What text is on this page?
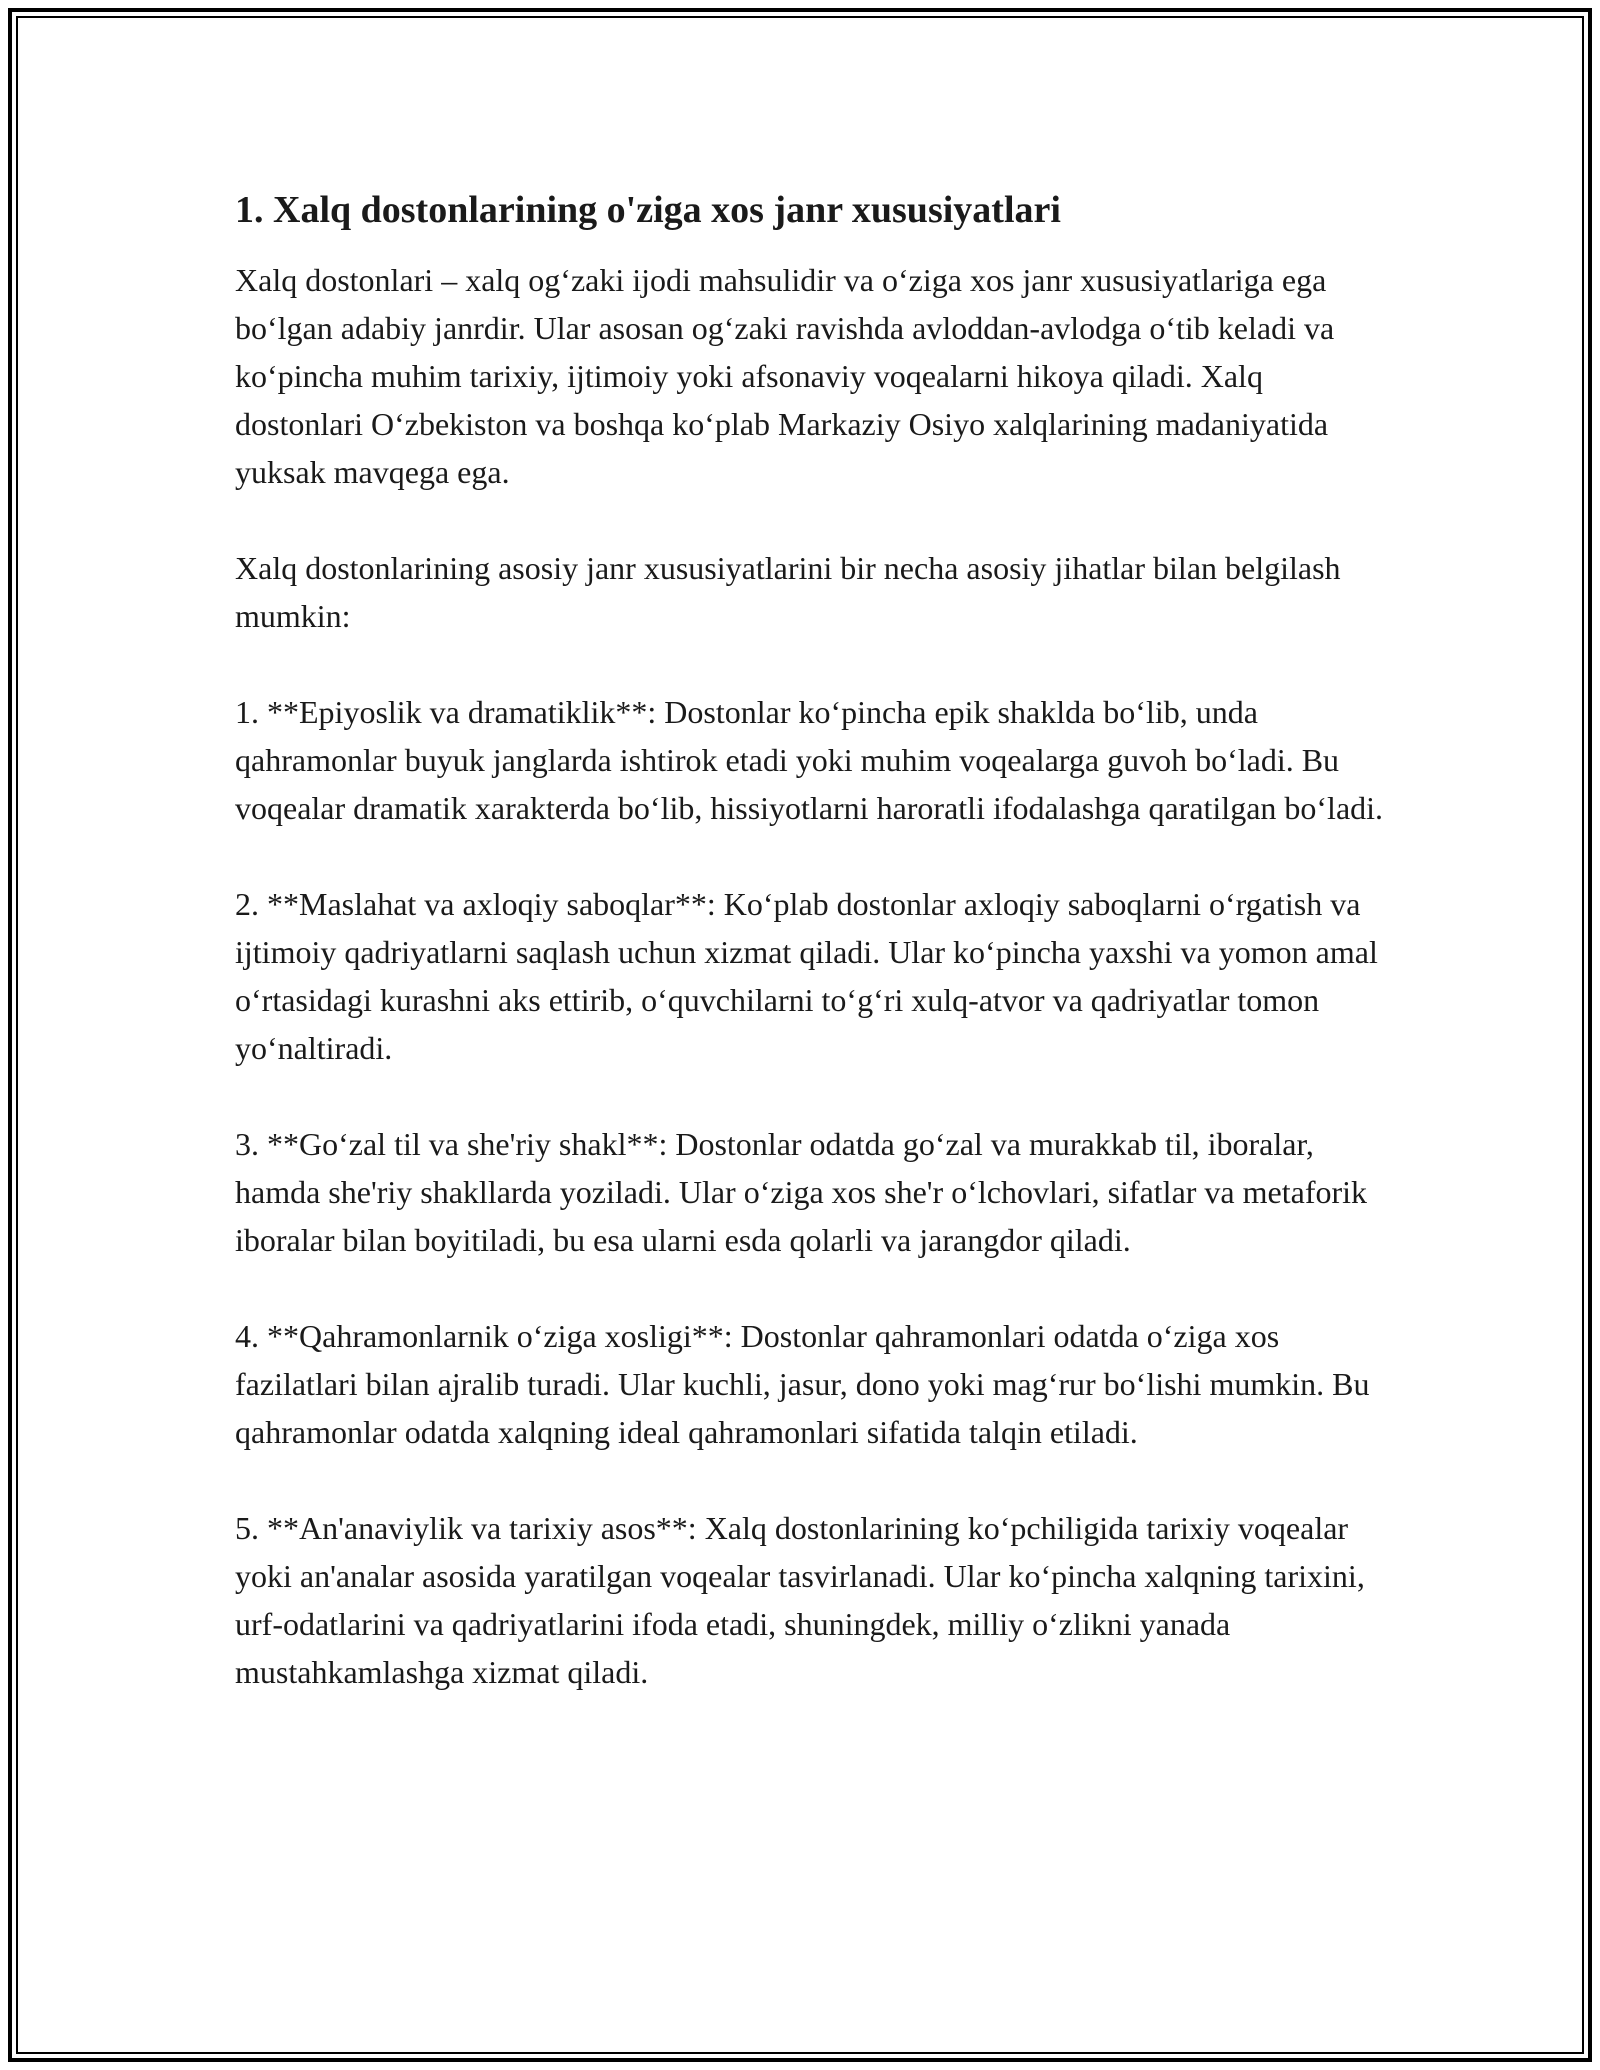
1. Xalq dostonlarining o'ziga xos janr xususiyatlari

Xalq dostonlari – xalq og‘zaki ijodi mahsulidir va o‘ziga xos janr xususiyatlariga ega bo‘lgan adabiy janrdir. Ular asosan og‘zaki ravishda avloddan-avlodga o‘tib keladi va ko‘pincha muhim tarixiy, ijtimoiy yoki afsonaviy voqealarni hikoya qiladi. Xalq dostonlari O‘zbekiston va boshqa ko‘plab Markaziy Osiyo xalqlarining madaniyatida yuksak mavqega ega.

Xalq dostonlarining asosiy janr xususiyatlarini bir necha asosiy jihatlar bilan belgilash mumkin:

1. **Epiyoslik va dramatiklik**: Dostonlar ko‘pincha epik shaklda bo‘lib, unda qahramonlar buyuk janglarda ishtirok etadi yoki muhim voqealarga guvoh bo‘ladi. Bu voqealar dramatik xarakterda bo‘lib, hissiyotlarni haroratli ifodalashga qaratilgan bo‘ladi.

2. **Maslahat va axloqiy saboqlar**: Ko‘plab dostonlar axloqiy saboqlarni o‘rgatish va ijtimoiy qadriyatlarni saqlash uchun xizmat qiladi. Ular ko‘pincha yaxshi va yomon amal o‘rtasidagi kurashni aks ettirib, o‘quvchilarni to‘g‘ri xulq-atvor va qadriyatlar tomon yo‘naltiradi.

3. **Go‘zal til va she'riy shakl**: Dostonlar odatda go‘zal va murakkab til, iboralar, hamda she'riy shakllarda yoziladi. Ular o‘ziga xos she'r o‘lchovlari, sifatlar va metaforik iboralar bilan boyitiladi, bu esa ularni esda qolarli va jarangdor qiladi.

4. **Qahramonlarnik o‘ziga xosligi**: Dostonlar qahramonlari odatda o‘ziga xos fazilatlari bilan ajralib turadi. Ular kuchli, jasur, dono yoki mag‘rur bo‘lishi mumkin. Bu qahramonlar odatda xalqning ideal qahramonlari sifatida talqin etiladi.

5. **An'anaviylik va tarixiy asos**: Xalq dostonlarining ko‘pchiligida tarixiy voqealar yoki an'analar asosida yaratilgan voqealar tasvirlanadi. Ular ko‘pincha xalqning tarixini, urf-odatlarini va qadriyatlarini ifoda etadi, shuningdek, milliy o‘zlikni yanada mustahkamlashga xizmat qiladi.
